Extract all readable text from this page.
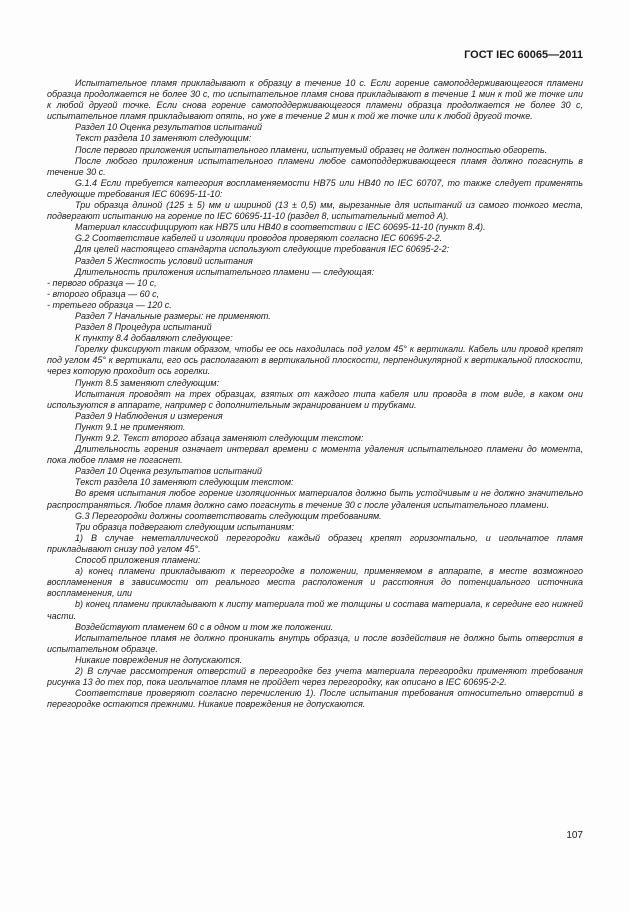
ГОСТ IEC 60065—2011

Испытательное пламя прикладывают к образцу в течение 10 с. Если горение самоподдерживающегося пламени образца продолжается не более 30 с, то испытательное пламя снова прикладывают в течение 1 мин к той же точке или к любой другой точке. Если снова горение самоподдерживающегося пламени образца продолжается не более 30 с, испытательное пламя прикладывают опять, но уже в течение 2 мин к той же точке или к любой другой точке.

Раздел 10 Оценка результатов испытаний

Текст раздела 10 заменяют следующим:

После первого приложения испытательного пламени, испытуемый образец не должен полностью обгореть.

После любого приложения испытательного пламени любое самоподдерживающееся пламя должно погаснуть в течение 30 с.

G.1.4 Если требуется категория воспламеняемости HB75 или HB40 по IEC 60707, то также следует применять следующие требования IEC 60695-11-10:

Три образца длиной (125 ± 5) мм и шириной (13 ± 0,5) мм, вырезанные для испытаний из самого тонкого места, подвергают испытанию на горение по IEC 60695-11-10 (раздел 8, испытательный метод А).

Материал классифицируют как HB75 или HB40 в соответствии с IEC 60695-11-10 (пункт 8.4).

G.2 Соответствие кабелей и изоляции проводов проверяют согласно IEC 60695-2-2.

Для целей настоящего стандарта используют следующие требования IEC 60695-2-2:

Раздел 5 Жесткость условий испытания

Длительность приложения испытательного пламени — следующая:

- первого образца — 10 с,

- второго образца — 60 с,

- третьего образца — 120 с.

Раздел 7 Начальные размеры: не применяют.

Раздел 8 Процедура испытаний

К пункту 8.4 добавляют следующее:

Горелку фиксируют таким образом, чтобы ее ось находилась под углом 45° к вертикали. Кабель или провод крепят под углом 45° к вертикали, его ось располагают в вертикальной плоскости, перпендикулярной к вертикальной плоскости, через которую проходит ось горелки.

Пункт 8.5 заменяют следующим:

Испытания проводят на трех образцах, взятых от каждого типа кабеля или провода в том виде, в каком они используются в аппарате, например с дополнительным экранированием и трубками.

Раздел 9 Наблюдения и измерения

Пункт 9.1 не применяют.

Пункт 9.2. Текст второго абзаца заменяют следующим текстом:

Длительность горения означает интервал времени с момента удаления испытательного пламени до момента, пока любое пламя не погаснет.

Раздел 10 Оценка результатов испытаний

Текст раздела 10 заменяют следующим текстом:

Во время испытания любое горение изоляционных материалов должно быть устойчивым и не должно значительно распространяться. Любое пламя должно само погаснуть в течение 30 с после удаления испытательного пламени.

G.3 Перегородки должны соответствовать следующим требованиям.

Три образца подвергают следующим испытаниям:

1) В случае неметаллической перегородки каждый образец крепят горизонтально, и игольчатое пламя прикладывают снизу под углом 45°.

Способ приложения пламени:

a) конец пламени прикладывают к перегородке в положении, применяемом в аппарате, в месте возможного воспламенения в зависимости от реального места расположения и расстояния до потенциального источника воспламенения, или

b) конец пламени прикладывают к листу материала той же толщины и состава материала, к середине его нижней части.

Воздействуют пламенем 60 с в одном и том же положении.

Испытательное пламя не должно проникать внутрь образца, и после воздействия не должно быть отверстия в испытательном образце.

Никакие повреждения не допускаются.

2) В случае рассмотрения отверстий в перегородке без учета материала перегородки применяют требования рисунка 13 до тех пор, пока игольчатое пламя не пройдет через перегородку, как описано в IEC 60695-2-2.

Соответствие проверяют согласно перечислению 1). После испытания требования относительно отверстий в перегородке остаются прежними. Никакие повреждения не допускаются.

107
